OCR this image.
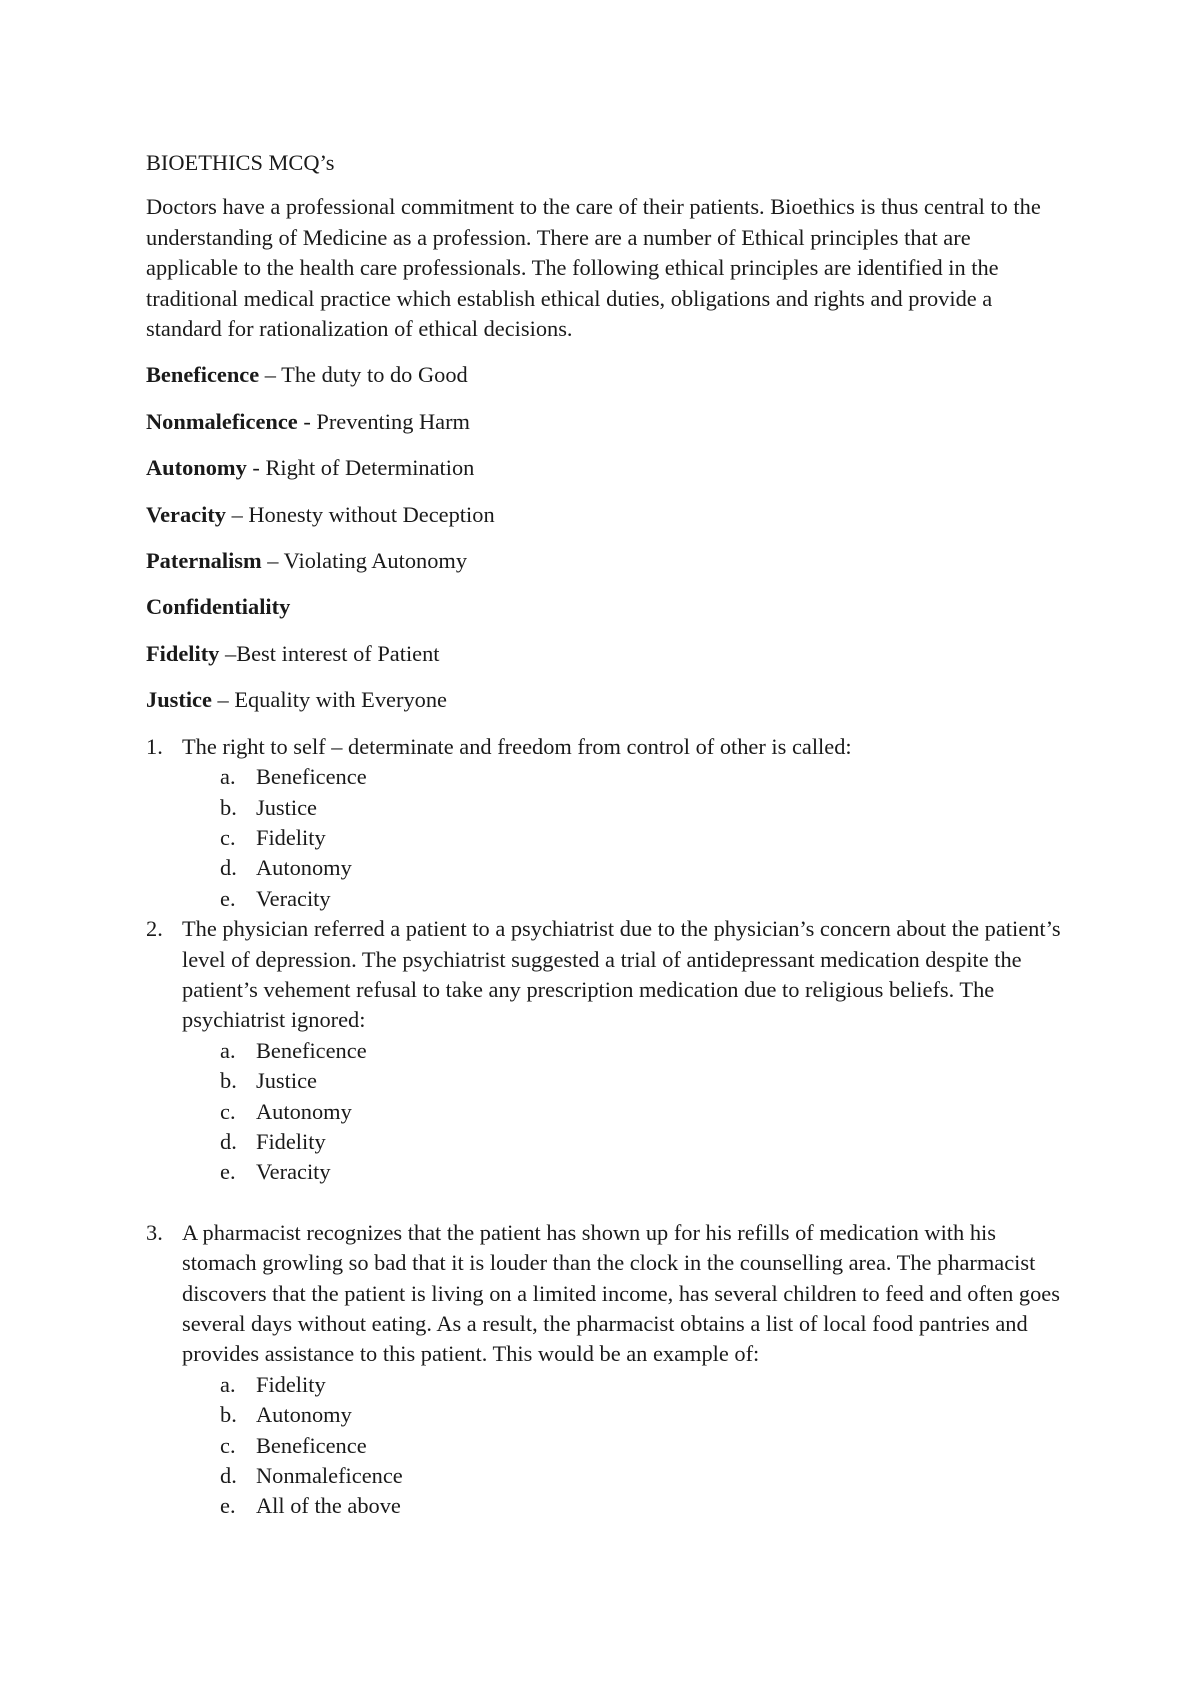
BIOETHICS MCQ’s

Doctors have a professional commitment to the care of their patients. Bioethics is thus central to the understanding of Medicine as a profession. There are a number of Ethical principles that are applicable to the health care professionals. The following ethical principles are identified in the traditional medical practice which establish ethical duties, obligations and rights and provide a standard for rationalization of ethical decisions.

Beneficence – The duty to do Good

Nonmaleficence - Preventing Harm

Autonomy - Right of Determination

Veracity – Honesty without Deception

Paternalism – Violating Autonomy

Confidentiality

Fidelity –Best interest of Patient

Justice – Equality with Everyone

1. The right to self – determinate and freedom from control of other is called:
a. Beneficence
b. Justice
c. Fidelity
d. Autonomy
e. Veracity
2. The physician referred a patient to a psychiatrist due to the physician’s concern about the patient’s level of depression. The psychiatrist suggested a trial of antidepressant medication despite the patient’s vehement refusal to take any prescription medication due to religious beliefs. The psychiatrist ignored:
a. Beneficence
b. Justice
c. Autonomy
d. Fidelity
e. Veracity
3. A pharmacist recognizes that the patient has shown up for his refills of medication with his stomach growling so bad that it is louder than the clock in the counselling area. The pharmacist discovers that the patient is living on a limited income, has several children to feed and often goes several days without eating. As a result, the pharmacist obtains a list of local food pantries and provides assistance to this patient. This would be an example of:
a. Fidelity
b. Autonomy
c. Beneficence
d. Nonmaleficence
e. All of the above
